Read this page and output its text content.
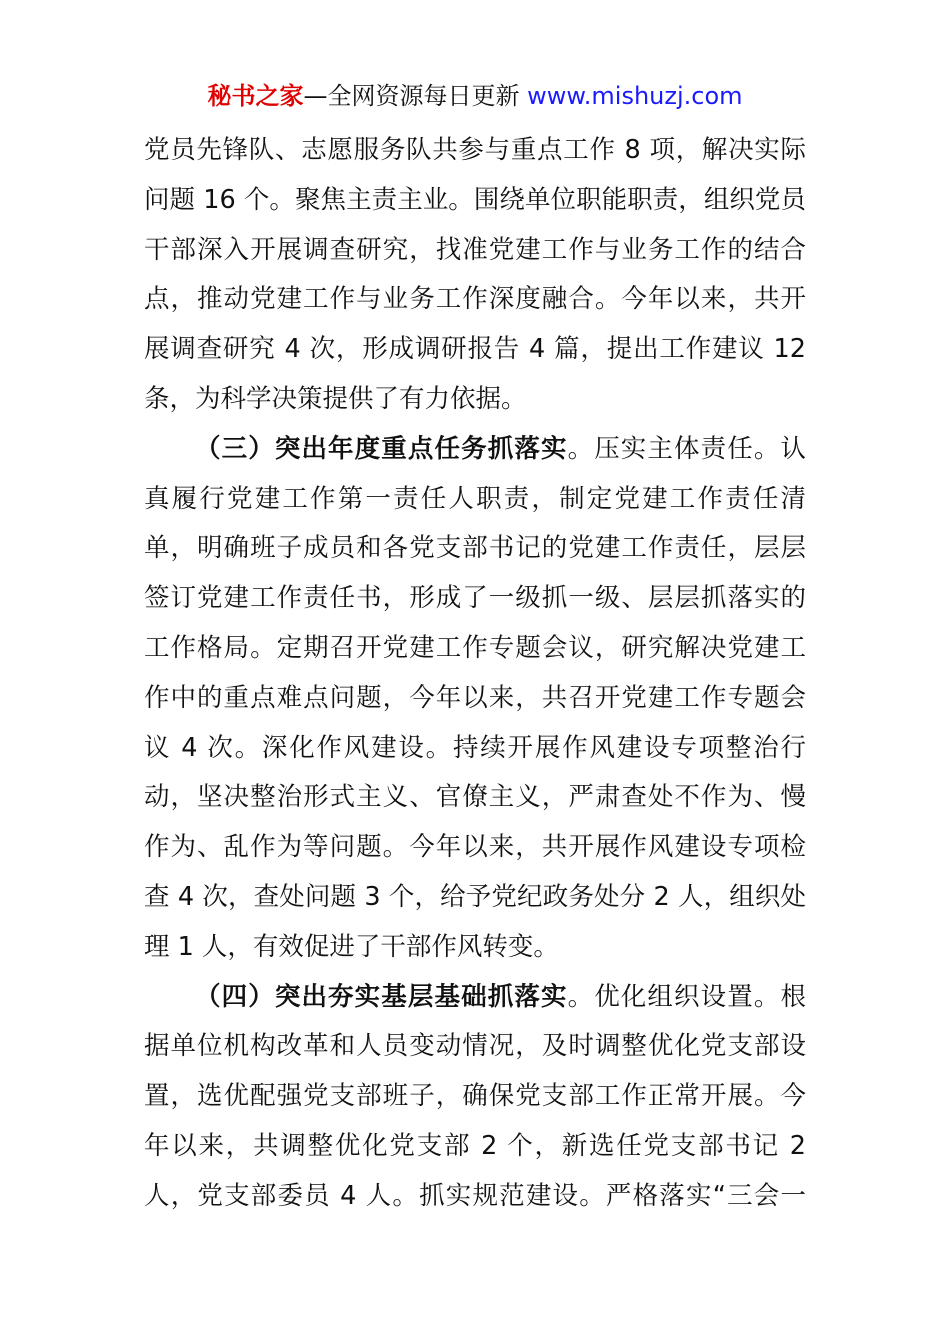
秘书之家—全网资源每日更新 www.mishuzj.com
党员先锋队、志愿服务队共参与重点工作 8 项，解决实际
问题 16 个。聚焦主责主业。围绕单位职能职责，组织党员
干部深入开展调查研究，找准党建工作与业务工作的结合
点，推动党建工作与业务工作深度融合。今年以来，共开
展调查研究 4 次，形成调研报告 4 篇，提出工作建议 12
条，为科学决策提供了有力依据。
（三）突出年度重点任务抓落实。压实主体责任。认
真履行党建工作第一责任人职责，制定党建工作责任清
单，明确班子成员和各党支部书记的党建工作责任，层层
签订党建工作责任书，形成了一级抓一级、层层抓落实的
工作格局。定期召开党建工作专题会议，研究解决党建工
作中的重点难点问题，今年以来，共召开党建工作专题会
议 4 次。深化作风建设。持续开展作风建设专项整治行
动，坚决整治形式主义、官僚主义，严肃查处不作为、慢
作为、乱作为等问题。今年以来，共开展作风建设专项检
查 4 次，查处问题 3 个，给予党纪政务处分 2 人，组织处
理 1 人，有效促进了干部作风转变。
（四）突出夯实基层基础抓落实。优化组织设置。根
据单位机构改革和人员变动情况，及时调整优化党支部设
置，选优配强党支部班子，确保党支部工作正常开展。今
年以来，共调整优化党支部 2 个，新选任党支部书记 2
人，党支部委员 4 人。抓实规范建设。严格落实“三会一
